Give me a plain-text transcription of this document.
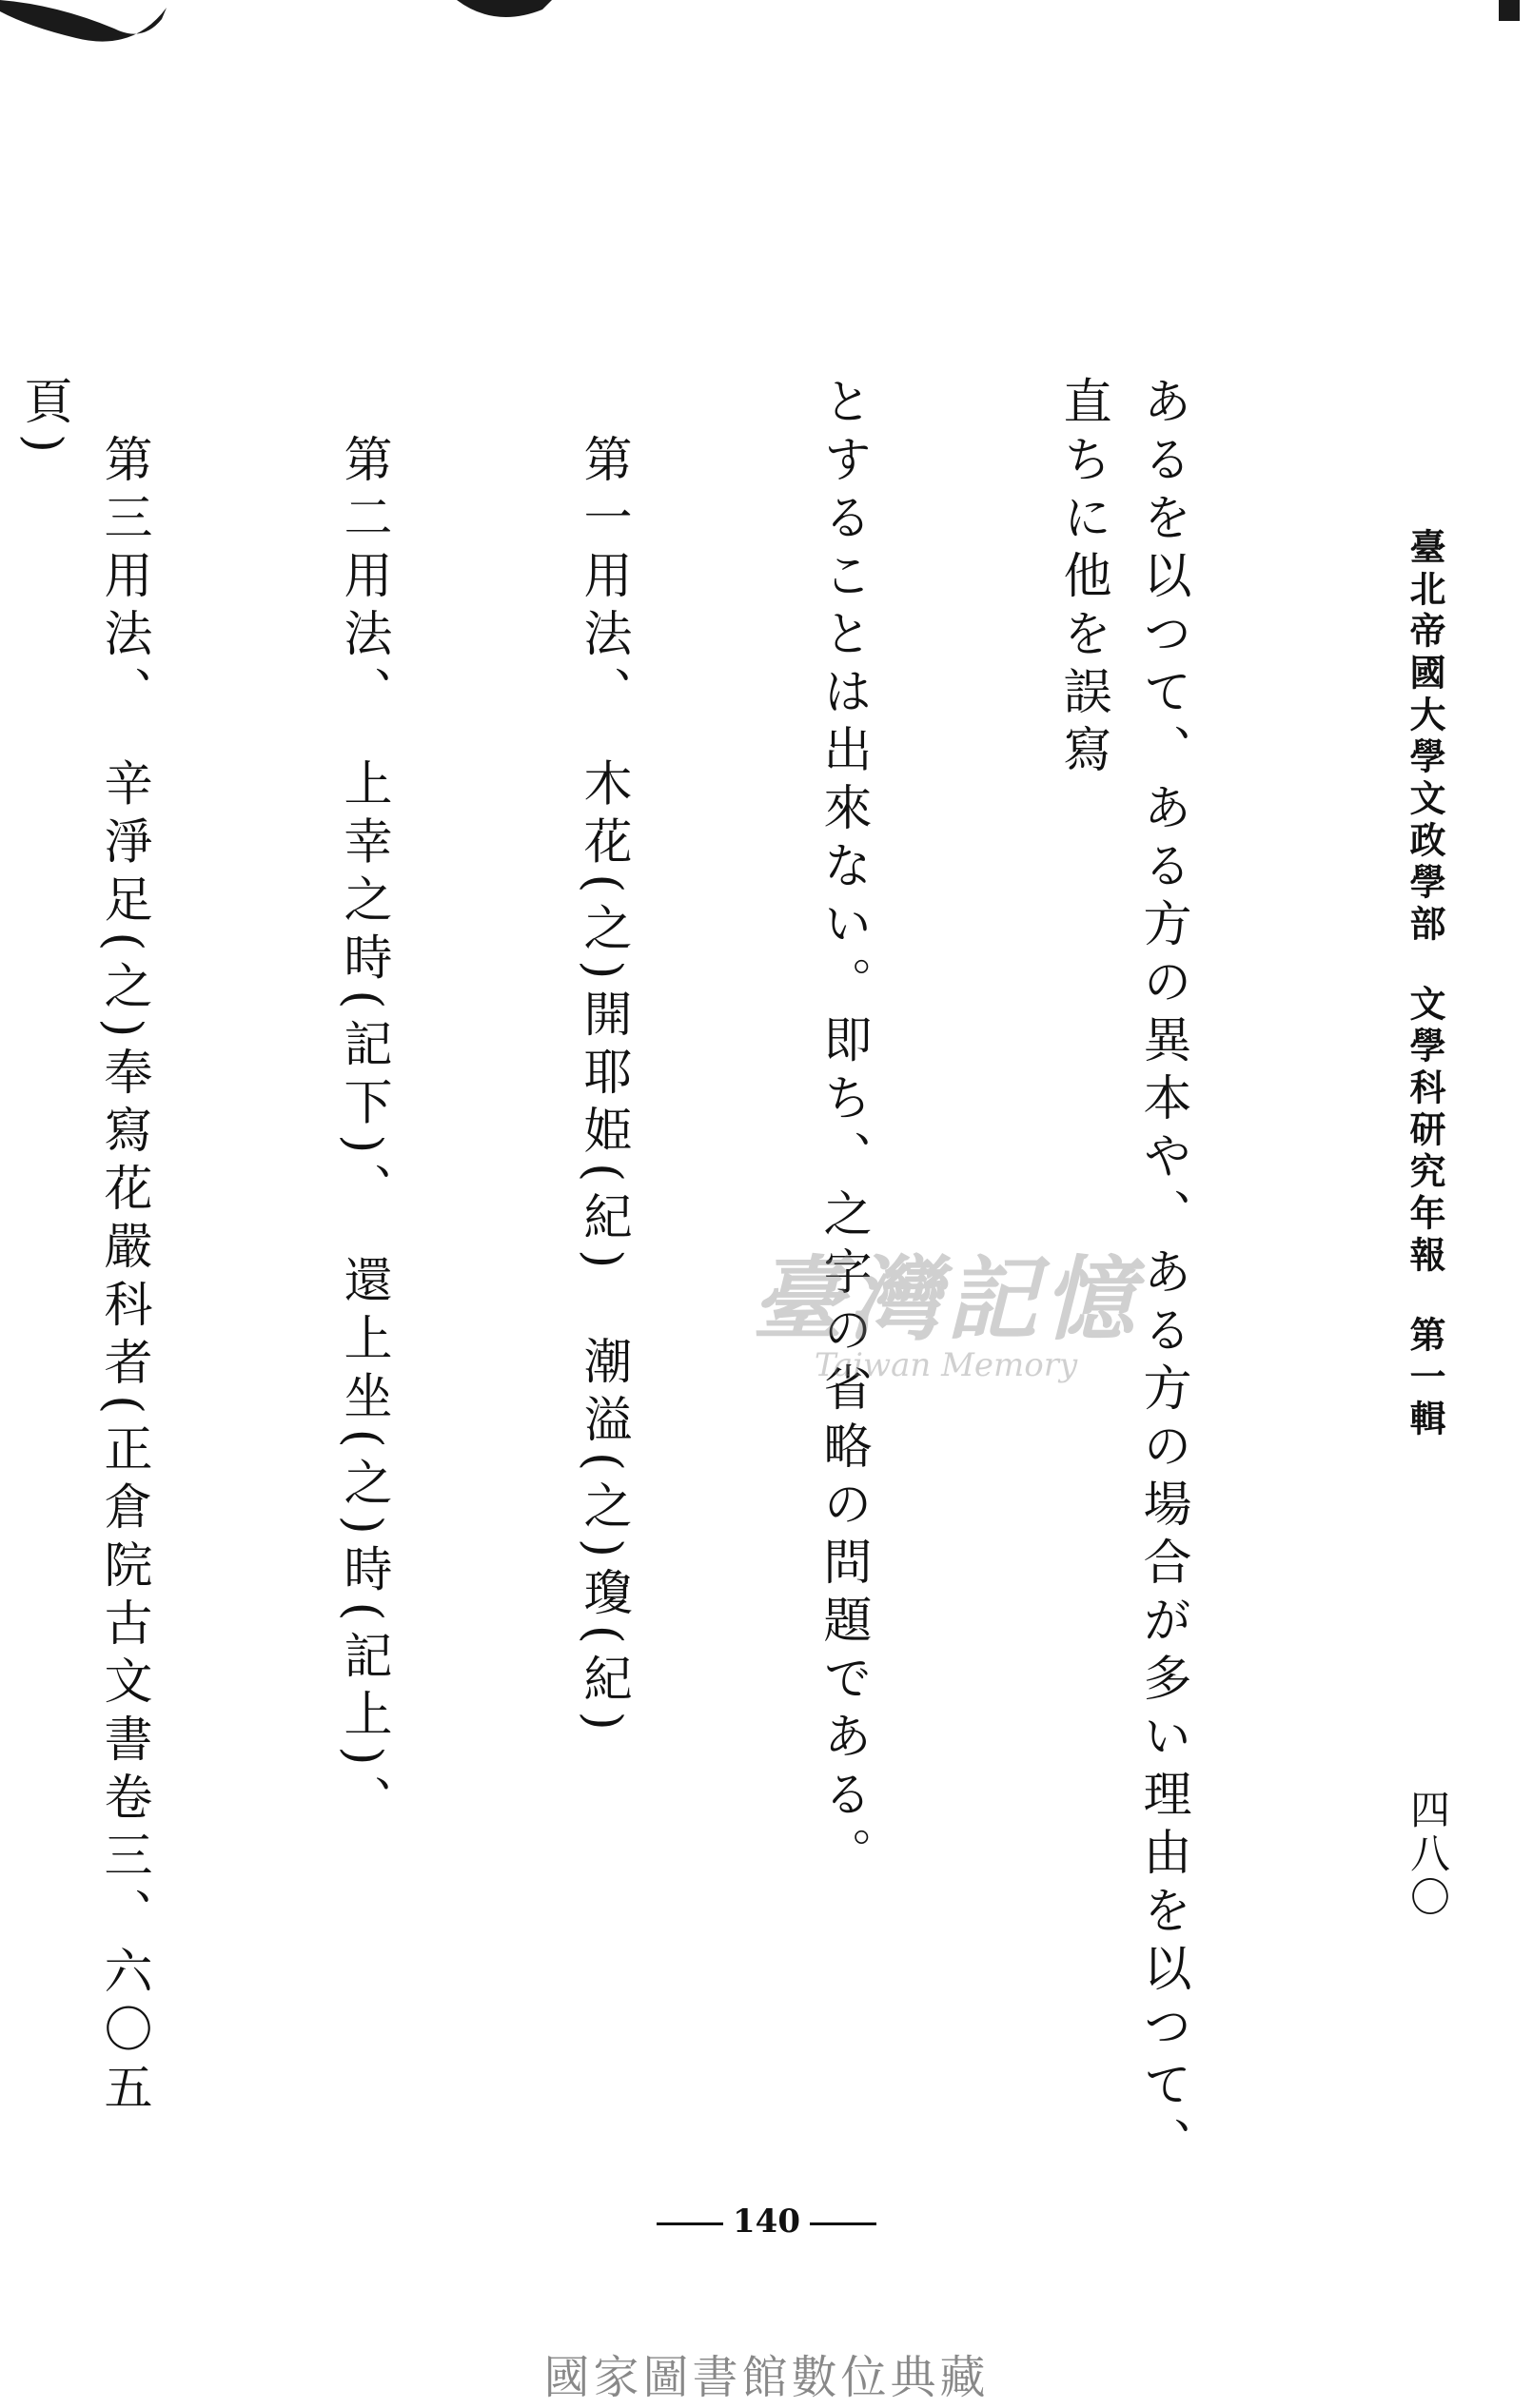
臺北帝國大學文政學部文學科研究年報第一輯
四八〇

あるを以つて、ある方の異本や、ある方の場合が多い理由を以つて、直ちに他を誤寫

とすることは出來ない。即ち、之字の省略の問題である。

　第一用法、　木花(之)開耶姫(紀)　潮溢(之)瓊(紀)

　第二用法、　上幸之時(記下)、　還上坐(之)時(記上)、

　第三用法、　辛淨足(之)奉寫花嚴科者(正倉院古文書卷三、六〇五頁)

臺灣記憶
Taiwan Memory
140
國家圖書館數位典藏
